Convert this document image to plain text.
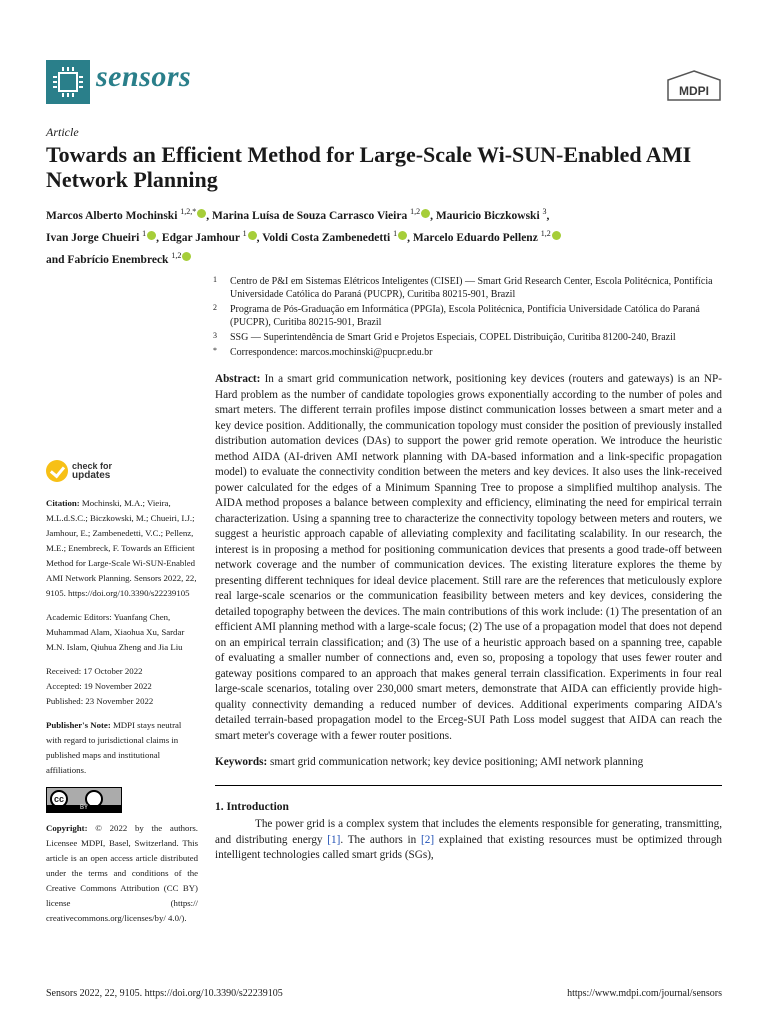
sensors	MDPI
Article
Towards an Efficient Method for Large-Scale Wi-SUN-Enabled AMI Network Planning
Marcos Alberto Mochinski $^{1,2,*}$ , Marina Luísa de Souza Carrasco Vieira $^{1,2}$ , Mauricio Biczkowski $^3$,
Ivan Jorge Chueiri $^1$ , Edgar Jamhour $^1$ , Voldi Costa Zambenedetti $^1$ , Marcelo Eduardo Pellenz $^{1,2}$
and Fabrício Enembreck $^{1,2}$
1 Centro de P&I em Sistemas Elétricos Inteligentes (CISEI) — Smart Grid Research Center, Escola Politécnica, Pontifícia Universidade Católica do Paraná (PUCPR), Curitiba 80215-901, Brazil
2 Programa de Pós-Graduação em Informática (PPGIa), Escola Politécnica, Pontifícia Universidade Católica do Paraná (PUCPR), Curitiba 80215-901, Brazil
3 SSG — Superintendência de Smart Grid e Projetos Especiais, COPEL Distribuição, Curitiba 81200-240, Brazil
* Correspondence: marcos.mochinski@pucpr.edu.br
check for
updates
Citation: Mochinski, M.A.; Vieira, M.L.d.S.C.; Biczkowski, M.; Chueiri, I.J.; Jamhour, E.; Zambenedetti, V.C.; Pellenz, M.E.; Enembreck, F. Towards an Efficient Method for Large-Scale Wi-SUN-Enabled AMI Network Planning. Sensors 2022, 22, 9105. https://doi.org/10.3390/s22239105
Academic Editors: Yuanfang Chen, Muhammad Alam, Xiaohua Xu, Sardar M.N. Islam, Qiuhua Zheng and Jia Liu
Received: 17 October 2022
Accepted: 19 November 2022
Published: 23 November 2022
Publisher's Note: MDPI stays neutral with regard to jurisdictional claims in published maps and institutional affiliations.
cc
BY
Copyright: © 2022 by the authors. Licensee MDPI, Basel, Switzerland. This article is an open access article distributed under the terms and conditions of the Creative Commons Attribution (CC BY) license (https:// creativecommons.org/licenses/by/ 4.0/).
Abstract: In a smart grid communication network, positioning key devices (routers and gateways) is an NP-Hard problem as the number of candidate topologies grows exponentially according to the number of poles and smart meters. The different terrain profiles impose distinct communication losses between a smart meter and a key device position. Additionally, the communication topology must consider the position of previously installed distribution automation devices (DAs) to support the power grid remote operation. We introduce the heuristic method AIDA (AI-driven AMI network planning with DA-based information and a link-specific propagation model) to evaluate the connectivity condition between the meters and key devices. It also uses the link-received power calculated for the edges of a Minimum Spanning Tree to propose a simplified multihop analysis. The AIDA method proposes a balance between complexity and efficiency, eliminating the need for empirical terrain characterization. Using a spanning tree to characterize the connectivity topology between meters and routers, we suggest a heuristic approach capable of alleviating complexity and facilitating scalability. In our research, the interest is in proposing a method for positioning communication devices that presents a good trade-off between network coverage and the number of communication devices. The existing literature explores the theme by presenting different techniques for ideal device placement. Still rare are the references that meticulously explore real large-scale scenarios or the communication feasibility between meters and key devices, considering the detailed topography between the devices. The main contributions of this work include: (1) The presentation of an efficient AMI planning method with a large-scale focus; (2) The use of a propagation model that does not depend on an empirical terrain classification; and (3) The use of a heuristic approach based on a spanning tree, capable of evaluating a smaller number of connections and, even so, proposing a topology that uses fewer router and gateway positions compared to an approach that makes general terrain classification. Experiments in four real large-scale scenarios, totaling over 230,000 smart meters, demonstrate that AIDA can efficiently provide high-quality connectivity demanding a reduced number of devices. Additional experiments comparing AIDA's detailed terrain-based propagation model to the Erceg-SUI Path Loss model suggest that AIDA can reach the smart meter's coverage with a fewer router positions.
Keywords: smart grid communication network; key device positioning; AMI network planning
1. Introduction
The power grid is a complex system that includes the elements responsible for generating, transmitting, and distributing energy [1]. The authors in [2] explained that existing resources must be optimized through intelligent technologies called smart grids (SGs),
Sensors 2022, 22, 9105. https://doi.org/10.3390/s22239105	https://www.mdpi.com/journal/sensors
